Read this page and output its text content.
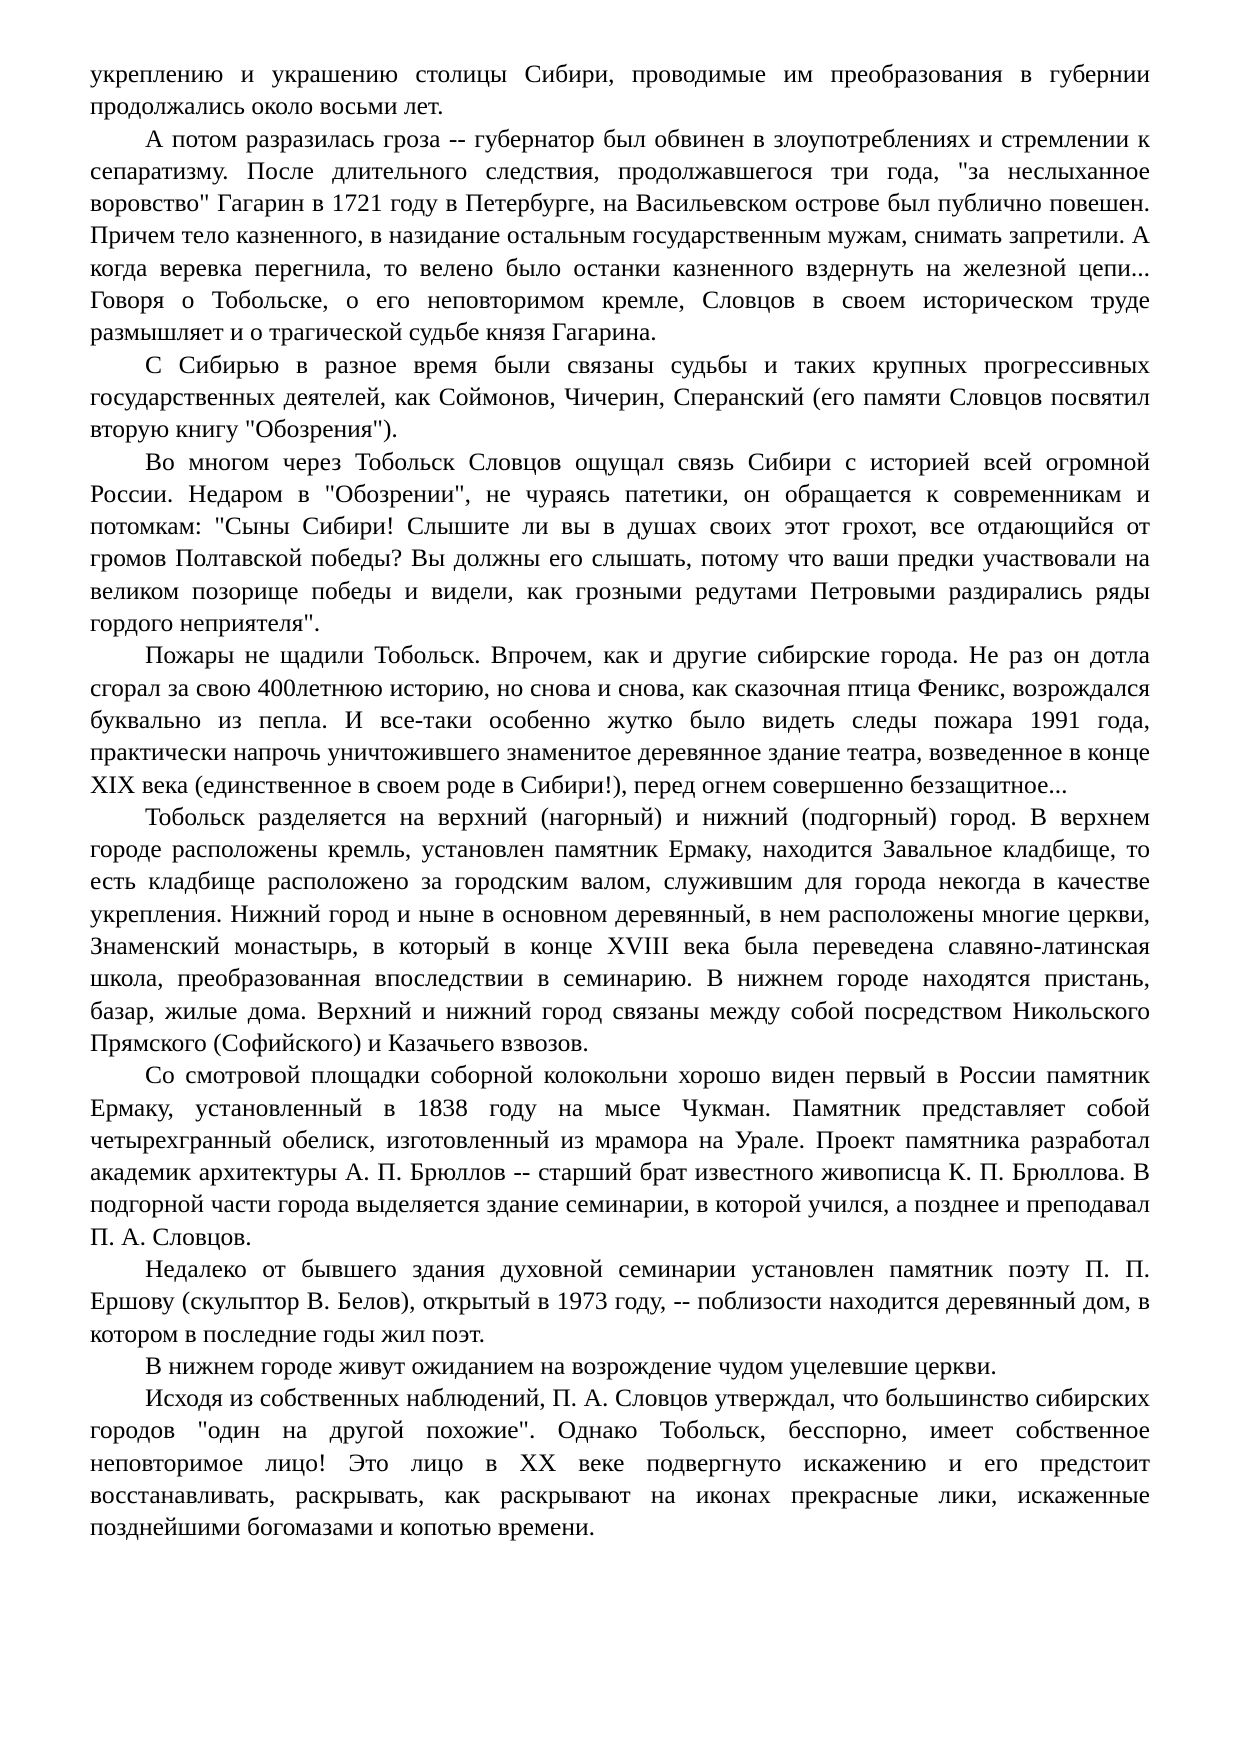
укреплению и украшению столицы Сибири, проводимые им преобразования в губернии продолжались около восьми лет.

А потом разразилась гроза -- губернатор был обвинен в злоупотреблениях и стремлении к сепаратизму. После длительного следствия, продолжавшегося три года, "за неслыханное воровство" Гагарин в 1721 году в Петербурге, на Васильевском острове был публично повешен. Причем тело казненного, в назидание остальным государственным мужам, снимать запретили. А когда веревка перегнила, то велено было останки казненного вздернуть на железной цепи... Говоря о Тобольске, о его неповторимом кремле, Словцов в своем историческом труде размышляет и о трагической судьбе князя Гагарина.

С Сибирью в разное время были связаны судьбы и таких крупных прогрессивных государственных деятелей, как Соймонов, Чичерин, Сперанский (его памяти Словцов посвятил вторую книгу "Обозрения").

Во многом через Тобольск Словцов ощущал связь Сибири с историей всей огромной России. Недаром в "Обозрении", не чураясь патетики, он обращается к современникам и потомкам: "Сыны Сибири! Слышите ли вы в душах своих этот грохот, все отдающийся от громов Полтавской победы? Вы должны его слышать, потому что ваши предки участвовали на великом позорище победы и видели, как грозными редутами Петровыми раздирались ряды гордого неприятеля".

Пожары не щадили Тобольск. Впрочем, как и другие сибирские города. Не раз он дотла сгорал за свою 400летнюю историю, но снова и снова, как сказочная птица Феникс, возрождался буквально из пепла. И все-таки особенно жутко было видеть следы пожара 1991 года, практически напрочь уничтожившего знаменитое деревянное здание театра, возведенное в конце XIX века (единственное в своем роде в Сибири!), перед огнем совершенно беззащитное...

Тобольск разделяется на верхний (нагорный) и нижний (подгорный) город. В верхнем городе расположены кремль, установлен памятник Ермаку, находится Завальное кладбище, то есть кладбище расположено за городским валом, служившим для города некогда в качестве укрепления. Нижний город и ныне в основном деревянный, в нем расположены многие церкви, Знаменский монастырь, в который в конце XVIII века была переведена славяно-латинская школа, преобразованная впоследствии в семинарию. В нижнем городе находятся пристань, базар, жилые дома. Верхний и нижний город связаны между собой посредством Никольского Прямского (Софийского) и Казачьего взвозов.

Со смотровой площадки соборной колокольни хорошо виден первый в России памятник Ермаку, установленный в 1838 году на мысе Чукман. Памятник представляет собой четырехгранный обелиск, изготовленный из мрамора на Урале. Проект памятника разработал академик архитектуры А. П. Брюллов -- старший брат известного живописца К. П. Брюллова. В подгорной части города выделяется здание семинарии, в которой учился, а позднее и преподавал П. А. Словцов.

Недалеко от бывшего здания духовной семинарии установлен памятник поэту П. П. Ершову (скульптор В. Белов), открытый в 1973 году, -- поблизости находится деревянный дом, в котором в последние годы жил поэт.

В нижнем городе живут ожиданием на возрождение чудом уцелевшие церкви.

Исходя из собственных наблюдений, П. А. Словцов утверждал, что большинство сибирских городов "один на другой похожие". Однако Тобольск, бесспорно, имеет собственное неповторимое лицо! Это лицо в XX веке подвергнуто искажению и его предстоит восстанавливать, раскрывать, как раскрывают на иконах прекрасные лики, искаженные позднейшими богомазами и копотью времени.
